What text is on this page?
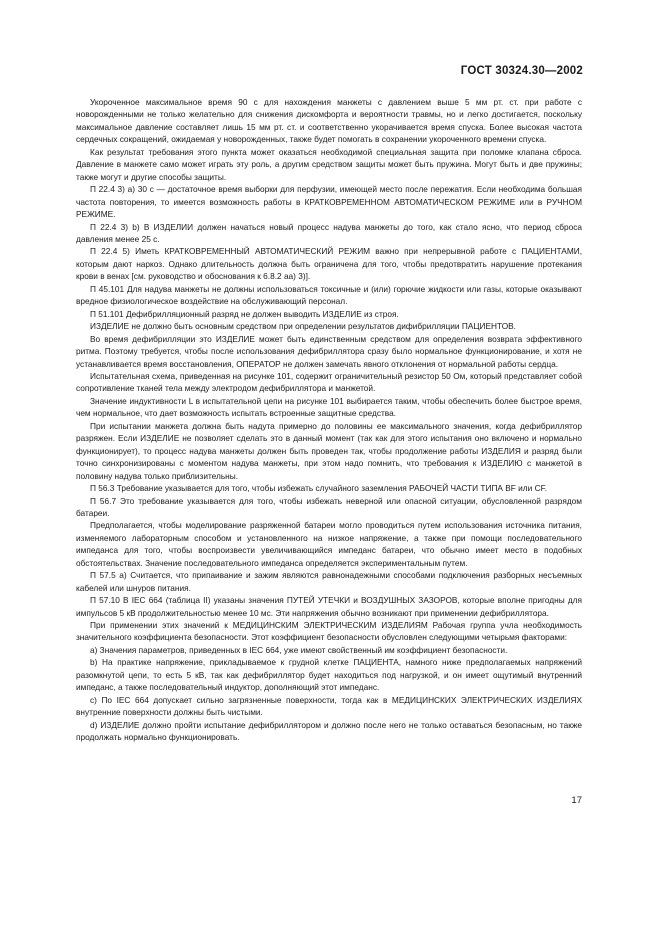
ГОСТ 30324.30—2002

Укороченное максимальное время 90 с для нахождения манжеты с давлением выше 5 мм рт. ст. при работе с новорожденными не только желательно для снижения дискомфорта и вероятности травмы, но и легко достигается, поскольку максимальное давление составляет лишь 15 мм рт. ст. и соответственно укорачивается время спуска. Более высокая частота сердечных сокращений, ожидаемая у новорожденных, также будет помогать в сохранении укороченного времени спуска.

Как результат требования этого пункта может оказаться необходимой специальная защита при поломке клапана сброса. Давление в манжете само может играть эту роль, а другим средством защиты может быть пружина. Могут быть и две пружины; также могут и другие способы защиты.

П 22.4 3) а) 30 с — достаточное время выборки для перфузии, имеющей место после пережатия. Если необходима большая частота повторения, то имеется возможность работы в КРАТКОВРЕМЕННОМ АВТОМАТИЧЕСКОМ РЕЖИМЕ или в РУЧНОМ РЕЖИМЕ.

П 22.4 3) b) В ИЗДЕЛИИ должен начаться новый процесс надува манжеты до того, как стало ясно, что период сброса давления менее 25 с.

П 22.4 5) Иметь КРАТКОВРЕМЕННЫЙ АВТОМАТИЧЕСКИЙ РЕЖИМ важно при непрерывной работе с ПАЦИЕНТАМИ, которым дают наркоз. Однако длительность должна быть ограничена для того, чтобы предотвратить нарушение протекания крови в венах [см. руководство и обоснования к 6.8.2 аа) 3)].

П 45.101 Для надува манжеты не должны использоваться токсичные и (или) горючие жидкости или газы, которые оказывают вредное физиологическое воздействие на обслуживающий персонал.

П 51.101 Дефибрилляционный разряд не должен выводить ИЗДЕЛИЕ из строя.

ИЗДЕЛИЕ не должно быть основным средством при определении результатов дифибрилляции ПАЦИЕНТОВ.

Во время дефибрилляции это ИЗДЕЛИЕ может быть единственным средством для определения возврата эффективного ритма. Поэтому требуется, чтобы после использования дефибриллятора сразу было нормальное функционирование, и хотя не устанавливается время восстановления, ОПЕРАТОР не должен замечать явного отклонения от нормальной работы сердца.

Испытательная схема, приведенная на рисунке 101, содержит ограничительный резистор 50 Ом, который представляет собой сопротивление тканей тела между электродом дефибриллятора и манжетой.

Значение индуктивности L в испытательной цепи на рисунке 101 выбирается таким, чтобы обеспечить более быстрое время, чем нормальное, что дает возможность испытать встроенные защитные средства.

При испытании манжета должна быть надута примерно до половины ее максимального значения, когда дефибриллятор разряжен. Если ИЗДЕЛИЕ не позволяет сделать это в данный момент (так как для этого испытания оно включено и нормально функционирует), то процесс надува манжеты должен быть проведен так, чтобы продолжение работы ИЗДЕЛИЯ и разряд были точно синхронизированы с моментом надува манжеты, при этом надо помнить, что требования к ИЗДЕЛИЮ с манжетой в половину надува только приблизительны.

П 56.3 Требование указывается для того, чтобы избежать случайного заземления РАБОЧЕЙ ЧАСТИ ТИПА BF или CF.

П 56.7 Это требование указывается для того, чтобы избежать неверной или опасной ситуации, обусловленной разрядом батареи.

Предполагается, чтобы моделирование разряженной батареи могло проводиться путем использования источника питания, изменяемого лабораторным способом и установленного на низкое напряжение, а также при помощи последовательного импеданса для того, чтобы воспроизвести увеличивающийся импеданс батареи, что обычно имеет место в подобных обстоятельствах. Значение последовательного импеданса определяется экспериментальным путем.

П 57.5 а) Считается, что припаивание и зажим являются равнонадежными способами подключения разборных несъемных кабелей или шнуров питания.

П 57.10 В IEC 664 (таблица II) указаны значения ПУТЕЙ УТЕЧКИ и ВОЗДУШНЫХ ЗАЗОРОВ, которые вполне пригодны для импульсов 5 кВ продолжительностью менее 10 мс. Эти напряжения обычно возникают при применении дефибриллятора.

При применении этих значений к МЕДИЦИНСКИМ ЭЛЕКТРИЧЕСКИМ ИЗДЕЛИЯМ Рабочая группа учла необходимость значительного коэффициента безопасности. Этот коэффициент безопасности обусловлен следующими четырьмя факторами:

а) Значения параметров, приведенных в IEC 664, уже имеют свойственный им коэффициент безопасности.

b) На практике напряжение, прикладываемое к грудной клетке ПАЦИЕНТА, намного ниже предполагаемых напряжений разомкнутой цепи, то есть 5 кВ, так как дефибриллятор будет находиться под нагрузкой, и он имеет ощутимый внутренний импеданс, а также последовательный индуктор, дополняющий этот импеданс.

с) По IEC 664 допускает сильно загрязненные поверхности, тогда как в МЕДИЦИНСКИХ ЭЛЕКТРИЧЕСКИХ ИЗДЕЛИЯХ внутренние поверхности должны быть чистыми.

d) ИЗДЕЛИЕ должно пройти испытание дефибриллятором и должно после него не только оставаться безопасным, но также продолжать нормально функционировать.

17
